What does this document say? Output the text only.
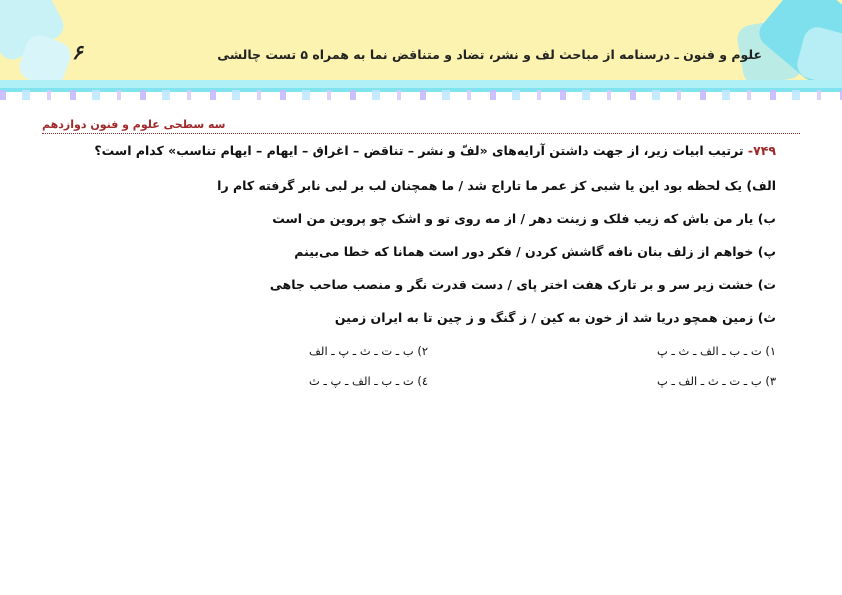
۶	علوم و فنون ـ درسنامه از مباحث لف و نشر، تضاد و متناقض نما به همراه ۵ تست چالشی
سه سطحی علوم و فنون دوازدهم
۷۴۹- ترتیب ابیات زیر، از جهت داشتن آرایه‌های «لفّ و نشر – تناقض – اغراق – ایهام – ایهام تناسب» کدام است؟
الف) یک لحظه بود این یا شبی کز عمر ما تاراج شد / ما همچنان لب بر لبی نابر گرفته کام را
ب) یار من باش که زیب فلک و زینت دهر / از مه روی تو و اشک چو پروین من است
پ) خواهم از زلف بنان نافه گاشش کردن / فکر دور است همانا که خطا می‌بینم
ت) خشت زیر سر و بر تارک هفت اختر پای / دست قدرت نگر و منصب صاحب جاهی
ث) زمین همچو دریا شد از خون به کین / ز گنگ و ز چین تا به ایران زمین
۱) ت ـ ب ـ الف ـ ث ـ پ
۲) ب ـ ت ـ ث ـ پ ـ الف
۳) ب ـ ت ـ ث ـ الف ـ پ
٤) ت ـ ب ـ الف ـ پ ـ ث
